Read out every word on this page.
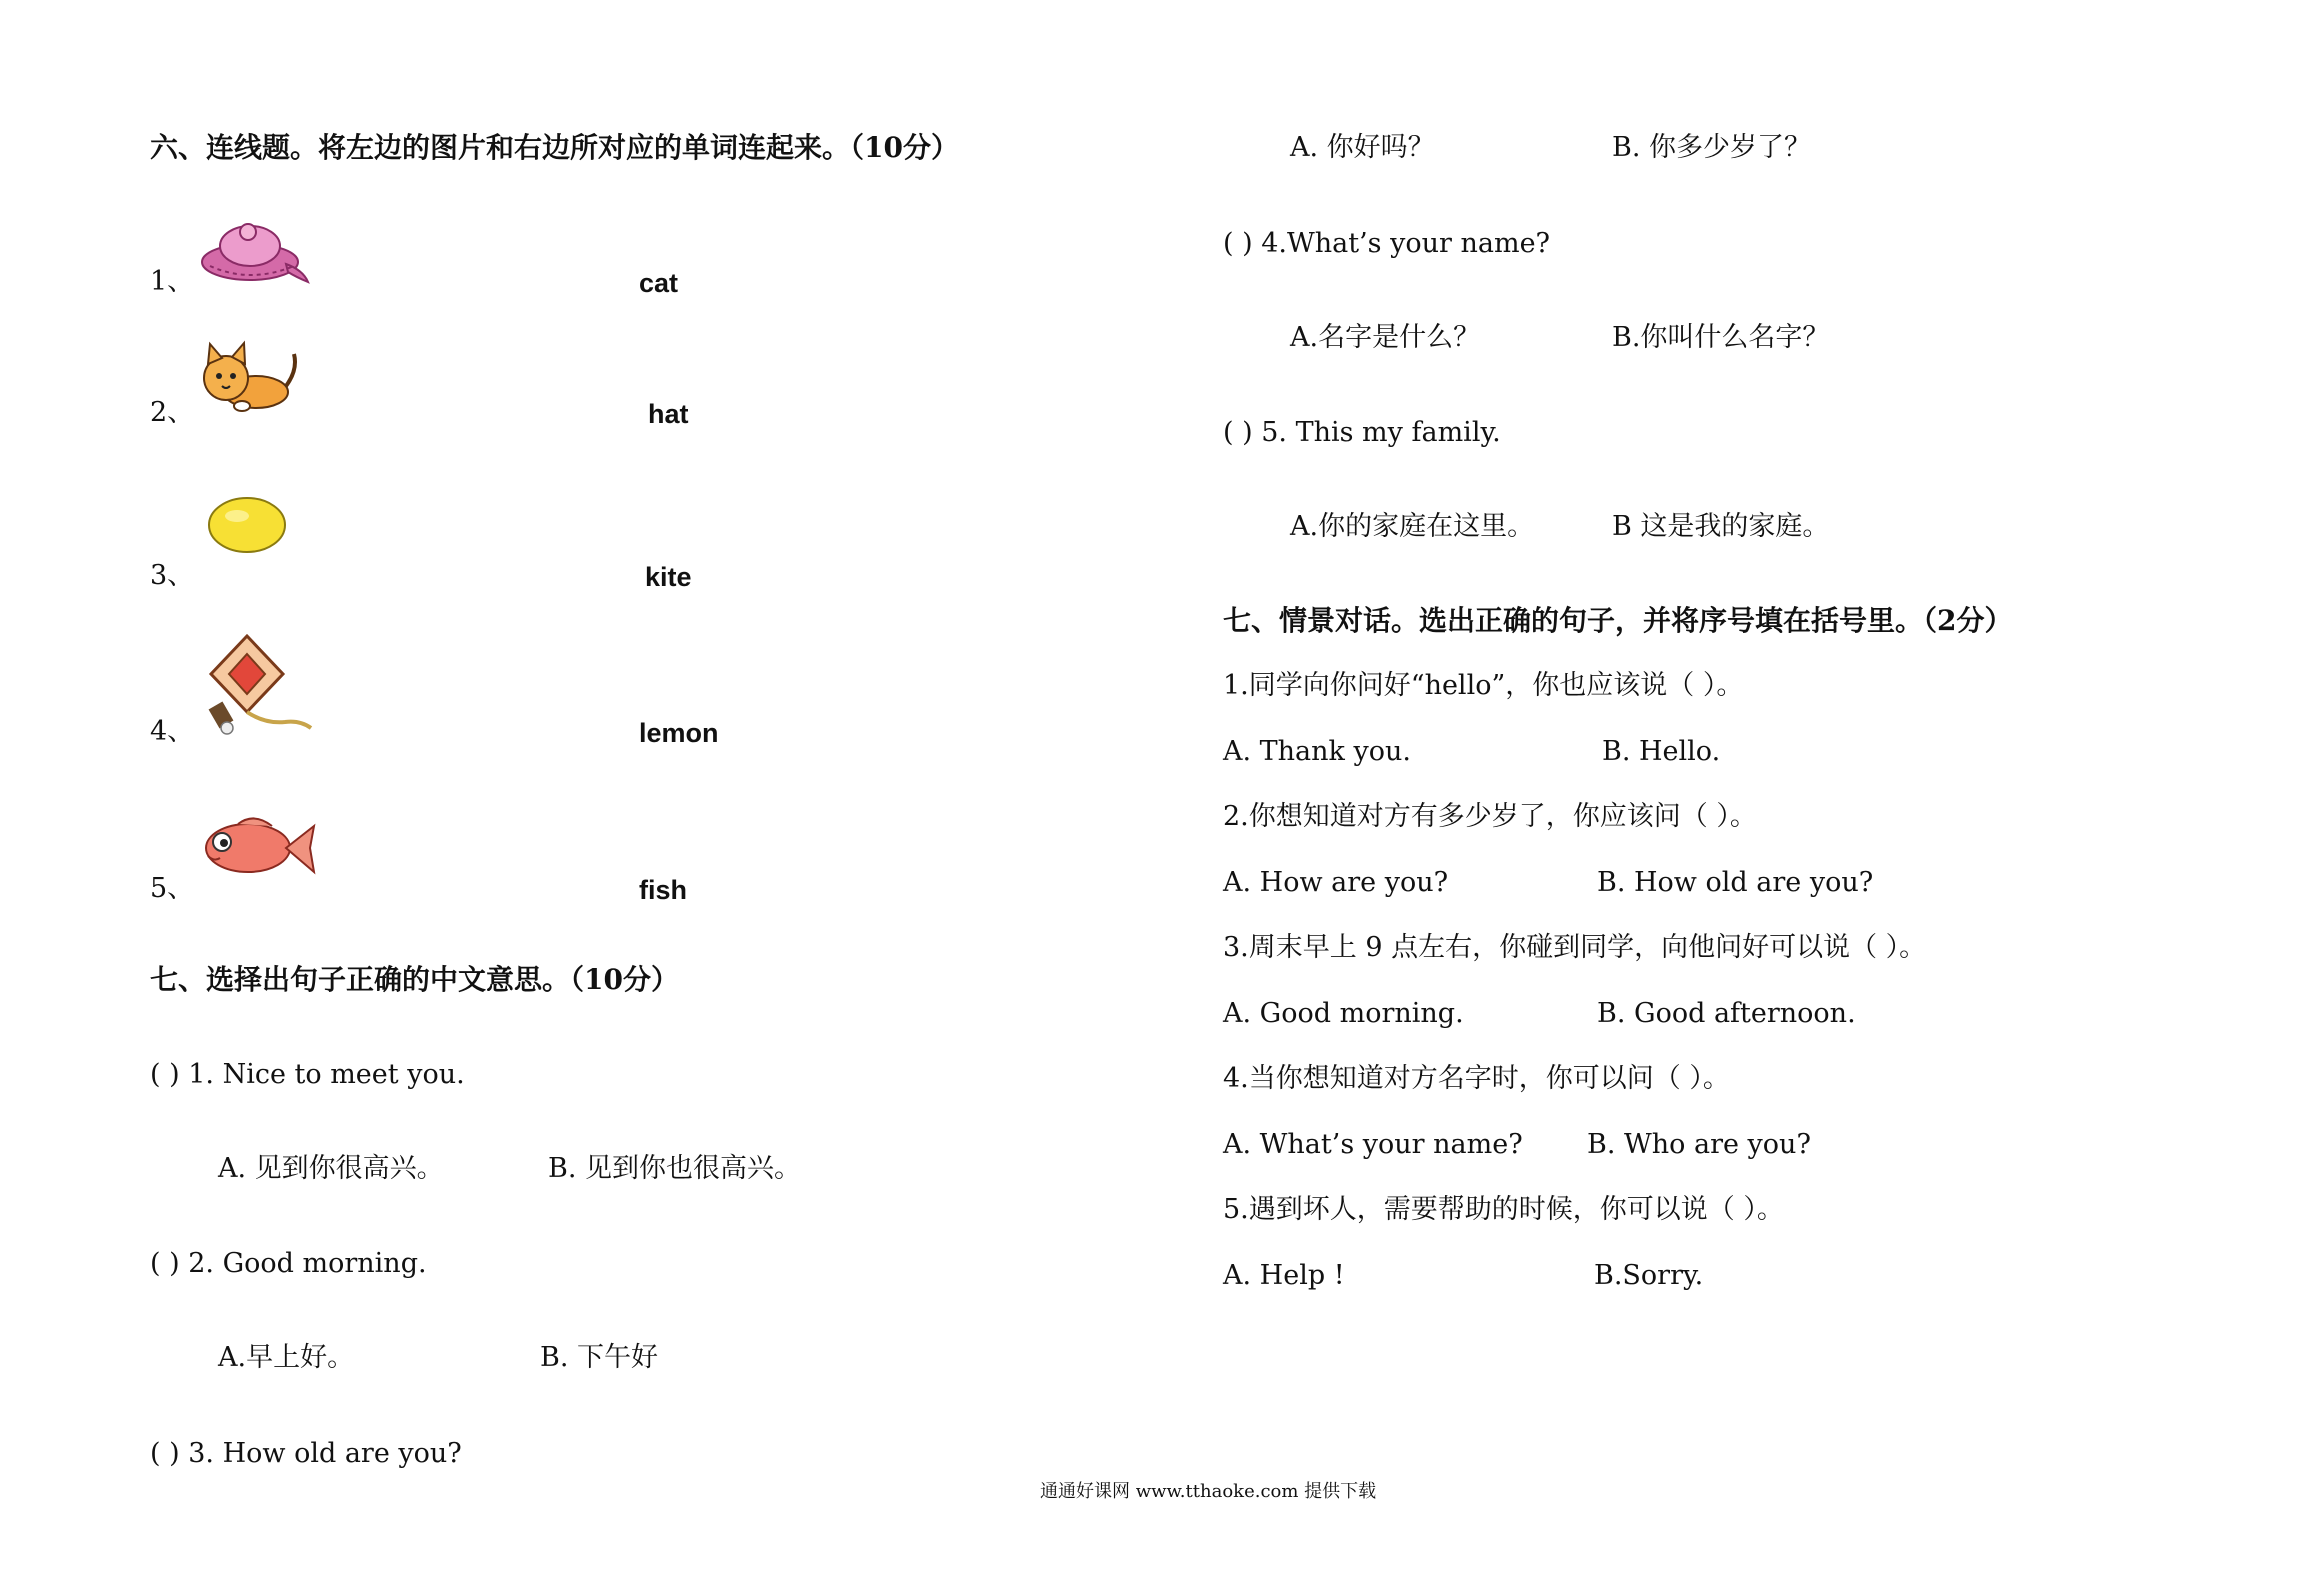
六、连线题。将左边的图片和右边所对应的单词连起来。（10分）
1、	cat
2、	hat
3、	kite
4、	lemon
5、	fish
七、选择出句子正确的中文意思。（10分）
( ) 1. Nice to meet you.
A. 见到你很高兴。	B. 见到你也很高兴。
( ) 2. Good morning.
A.早上好。	B. 下午好
( ) 3. How old are you?
A. 你好吗？	B. 你多少岁了？
( ) 4.What’s your name?
A.名字是什么？	B.你叫什么名字？
( ) 5. This my family.
A.你的家庭在这里。	B 这是我的家庭。
七、情景对话。选出正确的句子，并将序号填在括号里。（2分）
1.同学向你问好“hello”，你也应该说（ ）。
A. Thank you.	B. Hello.
2.你想知道对方有多少岁了，你应该问（ ）。
A. How are you?	B. How old are you?
3.周末早上 9 点左右，你碰到同学，向他问好可以说（ ）。
A. Good morning.	B. Good afternoon.
4.当你想知道对方名字时，你可以问（ ）。
A. What’s your name? B. Who are you?
5.遇到坏人，需要帮助的时候，你可以说（ ）。
A. Help !	B.Sorry.
通通好课网 www.tthaoke.com 提供下载
